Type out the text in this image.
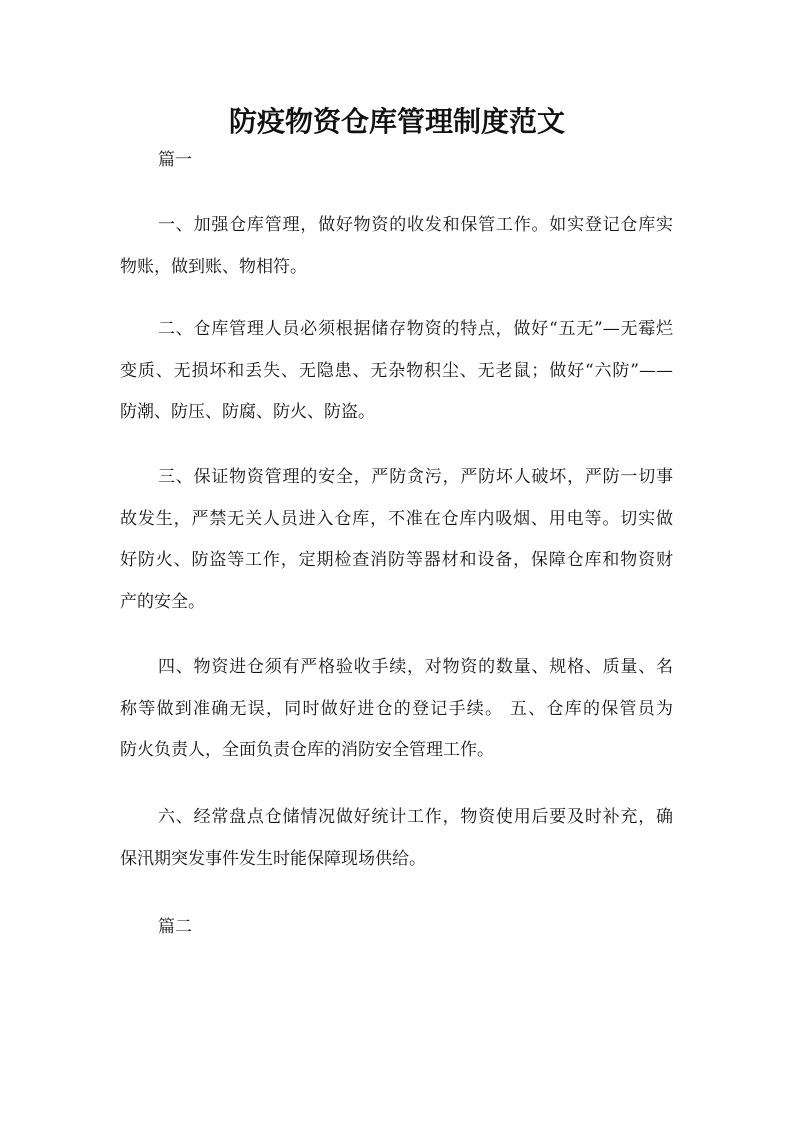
防疫物资仓库管理制度范文
篇一
一、加强仓库管理，做好物资的收发和保管工作。如实登记仓库实
物账，做到账、物相符。
二、仓库管理人员必须根据储存物资的特点，做好“五无”—无霉烂
变质、无损坏和丢失、无隐患、无杂物积尘、无老鼠；做好“六防”——
防潮、防压、防腐、防火、防盗。
三、保证物资管理的安全，严防贪污，严防坏人破坏，严防一切事
故发生，严禁无关人员进入仓库，不准在仓库内吸烟、用电等。切实做
好防火、防盗等工作，定期检查消防等器材和设备，保障仓库和物资财
产的安全。
四、物资进仓须有严格验收手续，对物资的数量、规格、质量、名
称等做到准确无误，同时做好进仓的登记手续。 五、仓库的保管员为
防火负责人，全面负责仓库的消防安全管理工作。
六、经常盘点仓储情况做好统计工作，物资使用后要及时补充，确
保汛期突发事件发生时能保障现场供给。
篇二
